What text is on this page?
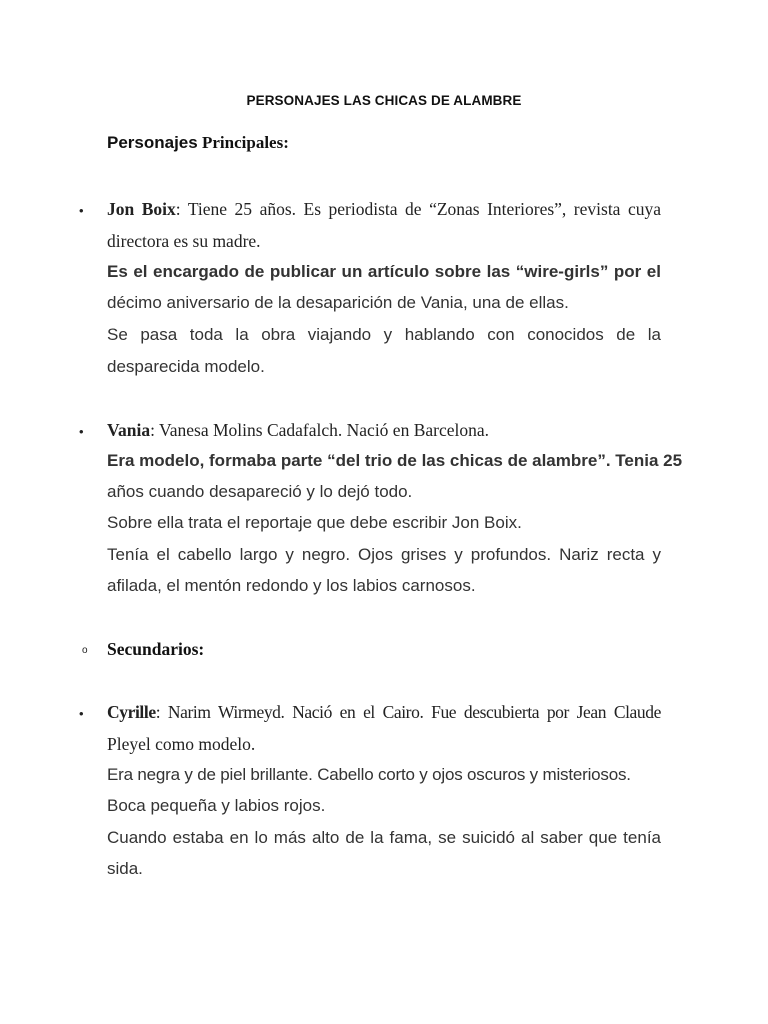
PERSONAJES LAS CHICAS DE ALAMBRE
Personajes Principales:
• Jon Boix: Tiene 25 años. Es periodista de “Zonas Interiores”, revista cuya
directora es su madre.
Es el encargado de publicar un artículo sobre las “wire-girls” por el
décimo aniversario de la desaparición de Vania, una de ellas.
Se pasa toda la obra viajando y hablando con conocidos de la
desparecida modelo.
• Vania: Vanesa Molins Cadafalch. Nació en Barcelona.
Era modelo, formaba parte “del trio de las chicas de alambre”. Tenia 25
años cuando desapareció y lo dejó todo.
Sobre ella trata el reportaje que debe escribir Jon Boix.
Tenía el cabello largo y negro. Ojos grises y profundos. Nariz recta y
afilada, el mentón redondo y los labios carnosos.
o Secundarios:
• Cyrille: Narim Wirmeyd. Nació en el Cairo. Fue descubierta por Jean Claude
Pleyel como modelo.
Era negra y de piel brillante. Cabello corto y ojos oscuros y misteriosos.
Boca pequeña y labios rojos.
Cuando estaba en lo más alto de la fama, se suicidó al saber que tenía
sida.
